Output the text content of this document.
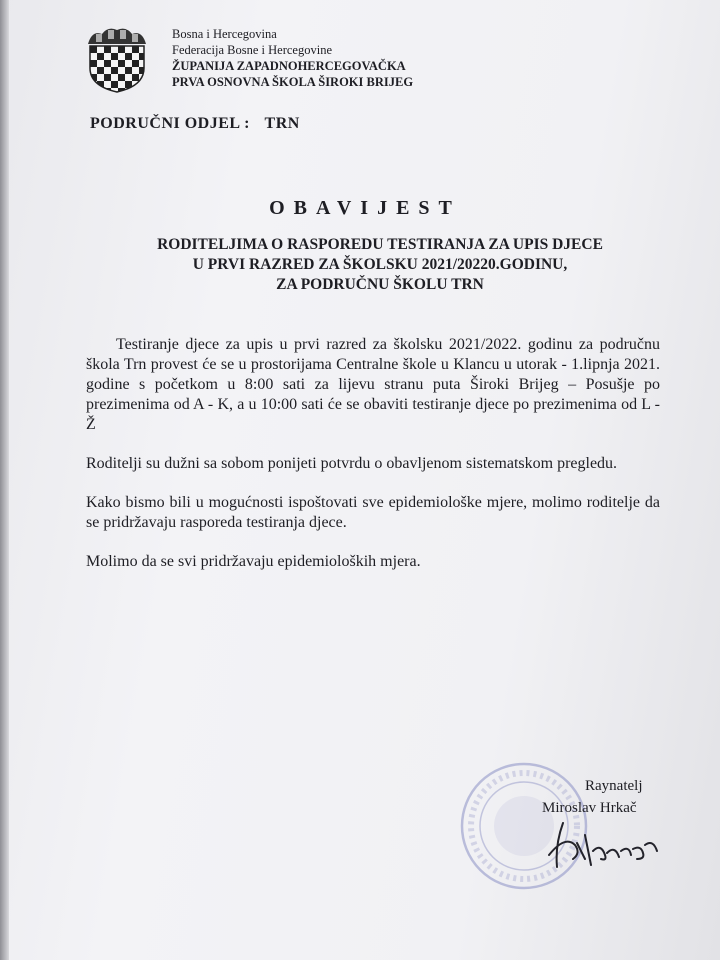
Bosna i Hercegovina
Federacija Bosne i Hercegovine
ŽUPANIJA ZAPADNOHERCEGOVAČKA
PRVA OSNOVNA ŠKOLA ŠIROKI BRIJEG
PODRUČNI ODJEL : TRN
OBAVIJEST
RODITELJIMA O RASPOREDU TESTIRANJA ZA UPIS DJECE
U PRVI RAZRED ZA ŠKOLSKU 2021/20220.GODINU,
ZA PODRUČNU ŠKOLU TRN

Testiranje djece za upis u prvi razred za školsku 2021/2022. godinu za područnu škola Trn provest će se u prostorijama Centralne škole u Klancu u utorak - 1.lipnja 2021. godine s početkom u 8:00 sati za lijevu stranu puta Široki Brijeg – Posušje po prezimenima od A - K, a u 10:00 sati će se obaviti testiranje djece po prezimenima od L - Ž

Roditelji su dužni sa sobom ponijeti potvrdu o obavljenom sistematskom pregledu.

Kako bismo bili u mogućnosti ispoštovati sve epidemiološke mjere, molimo roditelje da se pridržavaju rasporeda testiranja djece.

Molimo da se svi pridržavaju epidemioloških mjera.

Raynatelj
Miroslav Hrkač
